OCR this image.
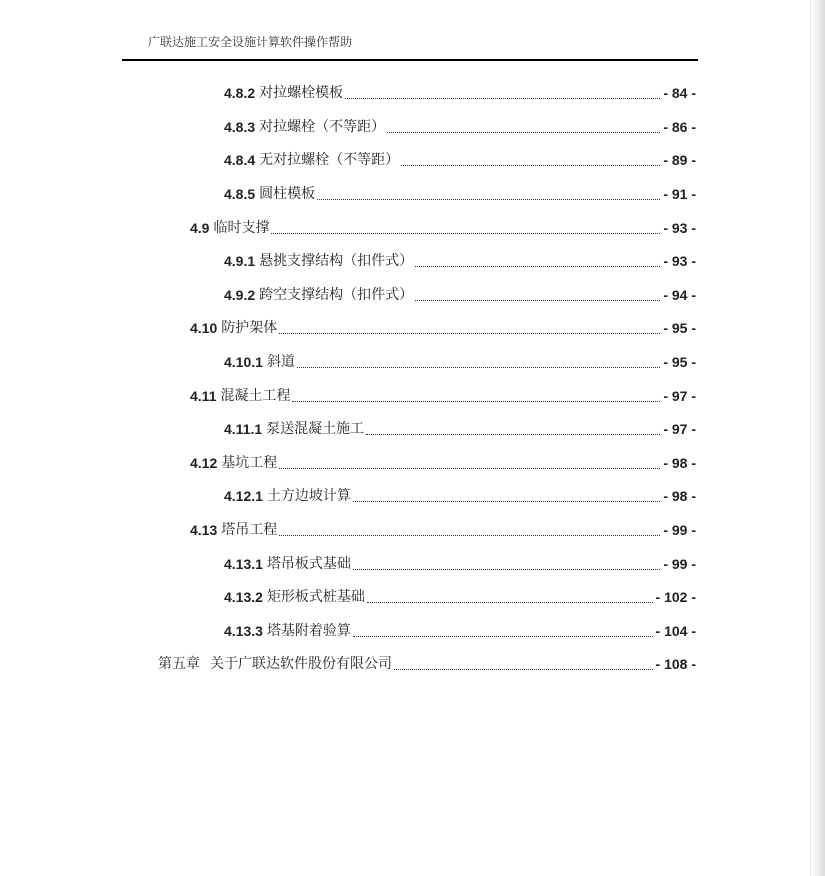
广联达施工安全设施计算软件操作帮助
4.8.2 对拉螺栓模板	- 84 -
4.8.3 对拉螺栓（不等距）	- 86 -
4.8.4 无对拉螺栓（不等距）	- 89 -
4.8.5 圆柱模板	- 91 -
4.9 临时支撑	- 93 -
4.9.1 悬挑支撑结构（扣件式）	- 93 -
4.9.2 跨空支撑结构（扣件式）	- 94 -
4.10 防护架体	- 95 -
4.10.1 斜道	- 95 -
4.11 混凝土工程	- 97 -
4.11.1 泵送混凝土施工	- 97 -
4.12 基坑工程	- 98 -
4.12.1 土方边坡计算	- 98 -
4.13 塔吊工程	- 99 -
4.13.1 塔吊板式基础	- 99 -
4.13.2 矩形板式桩基础	- 102 -
4.13.3 塔基附着验算	- 104 -
第五章 关于广联达软件股份有限公司	- 108 -
